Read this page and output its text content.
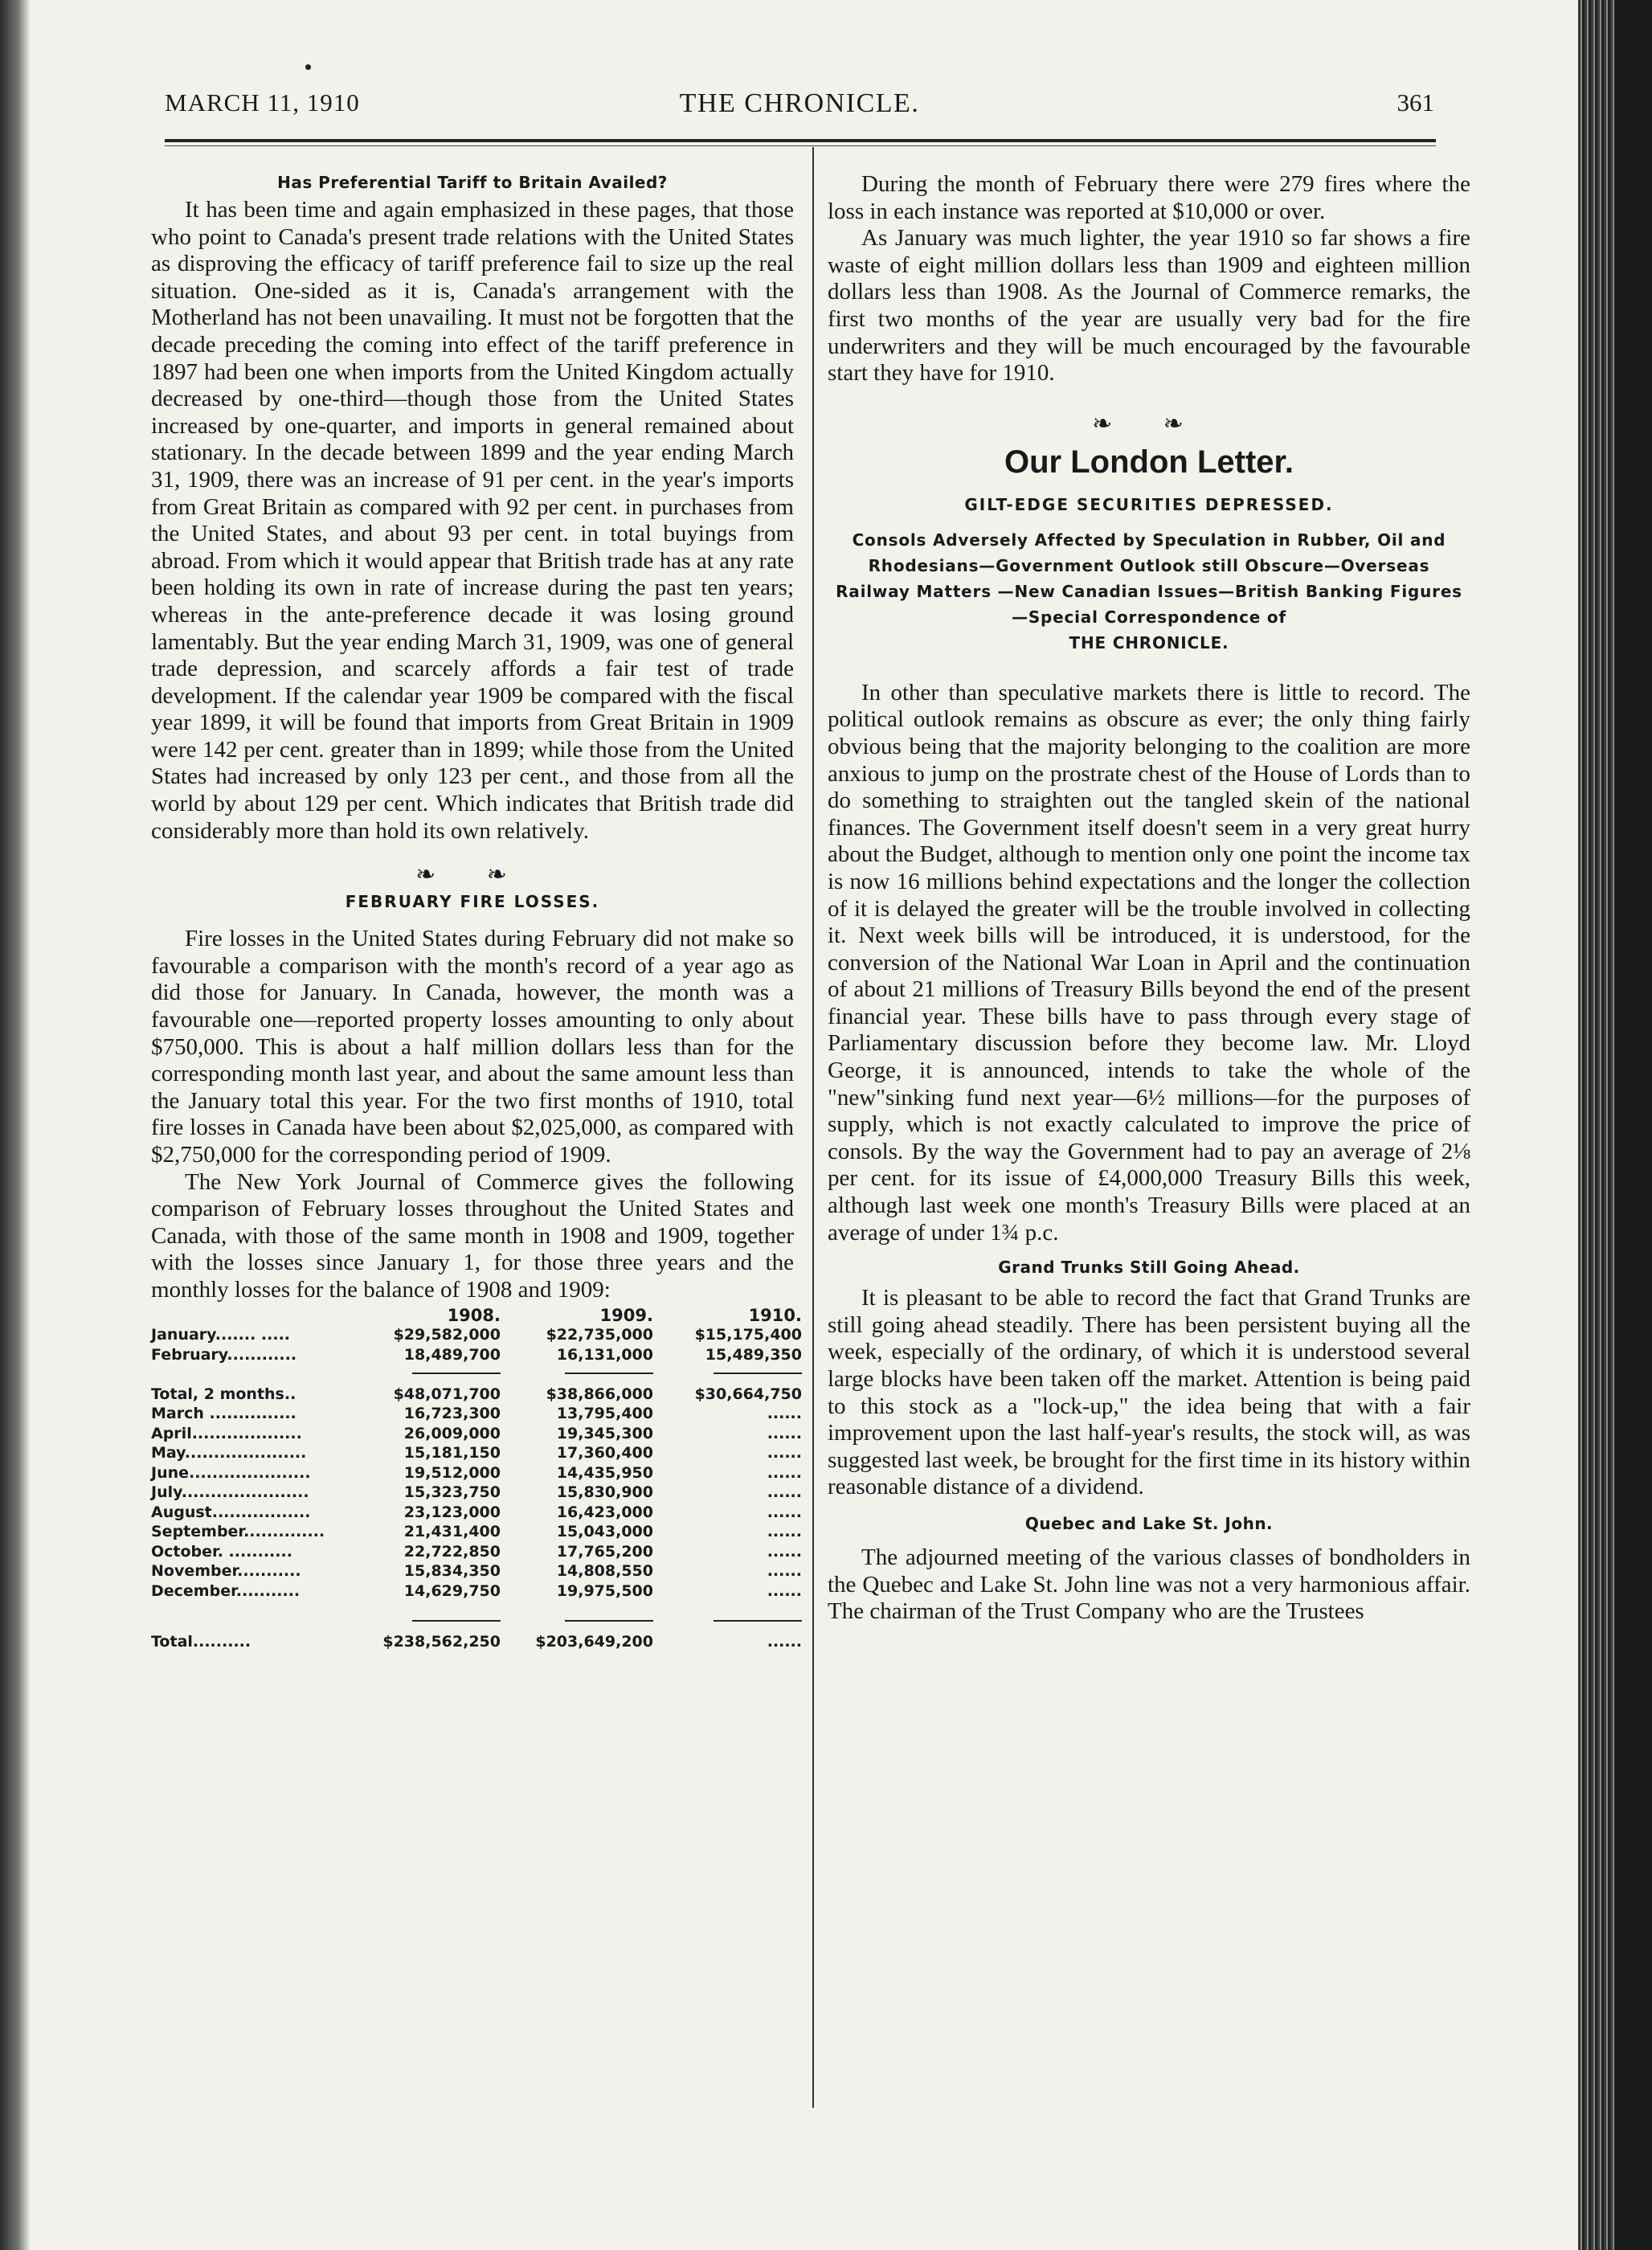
MARCH 11, 1910	THE CHRONICLE.	361
Has Preferential Tariff to Britain Availed?

It has been time and again emphasized in these pages, that those who point to Canada's present trade relations with the United States as disproving the efficacy of tariff preference fail to size up the real situation. One-sided as it is, Canada's arrangement with the Motherland has not been unavailing. It must not be forgotten that the decade preceding the coming into effect of the tariff preference in 1897 had been one when imports from the United Kingdom actually decreased by one-third—though those from the United States increased by one-quarter, and imports in general remained about stationary. In the decade between 1899 and the year ending March 31, 1909, there was an increase of 91 per cent. in the year's imports from Great Britain as compared with 92 per cent. in purchases from the United States, and about 93 per cent. in total buyings from abroad. From which it would appear that British trade has at any rate been holding its own in rate of increase during the past ten years; whereas in the ante-preference decade it was losing ground lamentably. But the year ending March 31, 1909, was one of general trade depression, and scarcely affords a fair test of trade development. If the calendar year 1909 be compared with the fiscal year 1899, it will be found that imports from Great Britain in 1909 were 142 per cent. greater than in 1899; while those from the United States had increased by only 123 per cent., and those from all the world by about 129 per cent. Which indicates that British trade did considerably more than hold its own relatively.

❧ ❧
FEBRUARY FIRE LOSSES.

Fire losses in the United States during February did not make so favourable a comparison with the month's record of a year ago as did those for January. In Canada, however, the month was a favourable one—reported property losses amounting to only about $750,000. This is about a half million dollars less than for the corresponding month last year, and about the same amount less than the January total this year. For the two first months of 1910, total fire losses in Canada have been about $2,025,000, as compared with $2,750,000 for the corresponding period of 1909.

The New York Journal of Commerce gives the following comparison of February losses throughout the United States and Canada, with those of the same month in 1908 and 1909, together with the losses since January 1, for those three years and the monthly losses for the balance of 1908 and 1909:

	1908.	1909.	1910.
January....... .....	$29,582,000	$22,735,000	$15,175,400
February............	18,489,700	16,131,000	15,489,350

Total, 2 months..	$48,071,700	$38,866,000	$30,664,750
March ...............	16,723,300	13,795,400	......
April...................	26,009,000	19,345,300	......
May.....................	15,181,150	17,360,400	......
June.....................	19,512,000	14,435,950	......
July......................	15,323,750	15,830,900	......
August.................	23,123,000	16,423,000	......
September..............	21,431,400	15,043,000	......
October. ...........	22,722,850	17,765,200	......
November...........	15,834,350	14,808,550	......
December...........	14,629,750	19,975,500	......

Total..........	$238,562,250	$203,649,200	......

During the month of February there were 279 fires where the loss in each instance was reported at $10,000 or over.

As January was much lighter, the year 1910 so far shows a fire waste of eight million dollars less than 1909 and eighteen million dollars less than 1908. As the Journal of Commerce remarks, the first two months of the year are usually very bad for the fire underwriters and they will be much encouraged by the favourable start they have for 1910.

❧ ❧
Our London Letter.
GILT-EDGE SECURITIES DEPRESSED.
Consols Adversely Affected by Speculation in Rubber, Oil and Rhodesians—Government Outlook still Obscure—Overseas Railway Matters —New Canadian Issues—British Banking Figures—Special Correspondence of
THE CHRONICLE.

In other than speculative markets there is little to record. The political outlook remains as obscure as ever; the only thing fairly obvious being that the majority belonging to the coalition are more anxious to jump on the prostrate chest of the House of Lords than to do something to straighten out the tangled skein of the national finances. The Government itself doesn't seem in a very great hurry about the Budget, although to mention only one point the income tax is now 16 millions behind expectations and the longer the collection of it is delayed the greater will be the trouble involved in collecting it. Next week bills will be introduced, it is understood, for the conversion of the National War Loan in April and the continuation of about 21 millions of Treasury Bills beyond the end of the present financial year. These bills have to pass through every stage of Parliamentary discussion before they become law. Mr. Lloyd George, it is announced, intends to take the whole of the "new"sinking fund next year—6½ millions—for the purposes of supply, which is not exactly calculated to improve the price of consols. By the way the Government had to pay an average of 2⅛ per cent. for its issue of £4,000,000 Treasury Bills this week, although last week one month's Treasury Bills were placed at an average of under 1¾ p.c.

Grand Trunks Still Going Ahead.

It is pleasant to be able to record the fact that Grand Trunks are still going ahead steadily. There has been persistent buying all the week, especially of the ordinary, of which it is understood several large blocks have been taken off the market. Attention is being paid to this stock as a "lock-up," the idea being that with a fair improvement upon the last half-year's results, the stock will, as was suggested last week, be brought for the first time in its history within reasonable distance of a dividend.

Quebec and Lake St. John.

The adjourned meeting of the various classes of bondholders in the Quebec and Lake St. John line was not a very harmonious affair. The chairman of the Trust Company who are the Trustees
